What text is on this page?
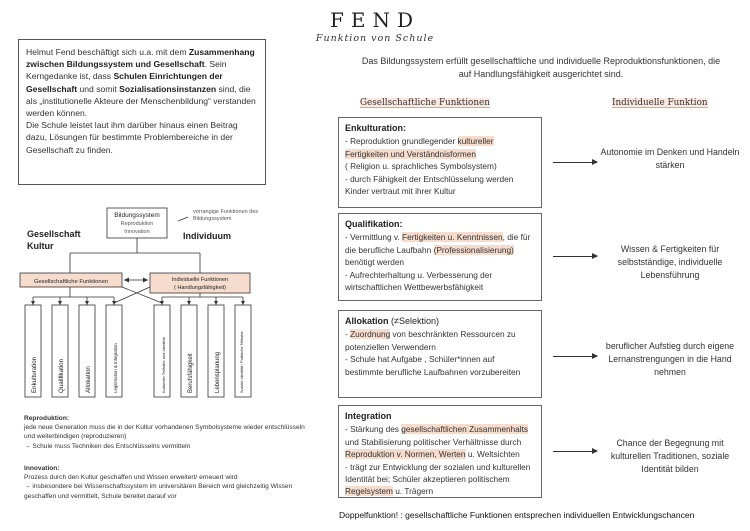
FEND
Funktion von Schule

Helmut Fend beschäftigt sich u.a. mit dem Zusammenhang zwischen Bildungssystem und Gesellschaft. Sein Kerngedanke ist, dass Schulen Einrichtungen der Gesellschaft und somit Sozialisationsinstanzen sind, die als „institutionelle Akteure der Menschenbildung“ verstanden werden können.

Die Schule leistet laut ihm darüber hinaus einen Beitrag dazu, Lösungen für bestimmte Problembereiche in der Gesellschaft zu finden.

Das Bildungssystem erfüllt gesellschaftliche und individuelle Reproduktionsfunktionen, die auf Handlungsfähigkeit ausgerichtet sind.
Gesellschaftliche Funktionen	Individuelle Funktion
Enkulturation:

- Reproduktion grundlegender kultureller Fertigkeiten und Verständnisformen

( Religion u. sprachliches Symbolsystem)

- durch Fähigkeit der Entschlüsselung werden Kinder vertraut mit ihrer Kultur

Autonomie im Denken und Handeln stärken
Qualifikation:

- Vermittlung v. Fertigkeiten u. Kenntnissen, die für die berufliche Laufbahn (Professionalisierung) benötigt werden

- Aufrechterhaltung u. Verbesserung der wirtschaftlichen Wettbewerbsfähigkeit

Wissen & Fertigkeiten für selbstständige, individuelle Lebensführung
Allokation (≠Selektion)

- Zuordnung von beschränkten Ressourcen zu potenziellen Verwendern

- Schule hat Aufgabe , Schüler*innen auf bestimmte berufliche Laufbahnen vorzubereiten

beruflicher Aufstieg durch eigene Lernanstrengungen in die Hand nehmen
Integration

- Stärkung des gesellschaftlichen Zusammenhalts und Stabilisierung politischer Verhältnisse durch Reproduktion v. Normen, Werten u. Weltsichten

- trägt zur Entwicklung der sozialen und kulturellen Identität bei; Schüler akzeptieren politischem Regelsystem u. Trägern

Chance der Begegnung mit kulturellen Traditionen, soziale Identität bilden
Doppelfunktion! : gesellschaftliche Funktionen entsprechen individuellen Entwicklungschancen
Bildungssystem
Reproduktion
Innovation
vorrangige Funktionen des
Bildungssystem
Gesellschaft
Kultur
Individuum
Gesellschaftliche Funktionen	Individuelle Funktionen
( Handlungsfähigkeit)
Enkulturation	Qualifikation	Allokation	Legitimation & Integration	Kulturelle Teilhabe und Identität	Berufsfähigkeit	Lebensplanung	Soziale Identität / Politische Teilhabe
Reproduktion:
jede neue Generation muss die in der Kultur vorhandenen Symbolsysteme wieder entschlüsseln und weiterbindigen (reproduzieren)
→ Schule muss Techniken des Entschlüsselns vermitteln
Innovation:
Prozess durch den Kultur geschaffen und Wissen erweitert/ erneuert wird
→ insbesondere bei Wissenschaftssystem im universitären Bereich wird gleichzeitig Wissen geschaffen und vermittelt, Schule bereitet darauf vor
